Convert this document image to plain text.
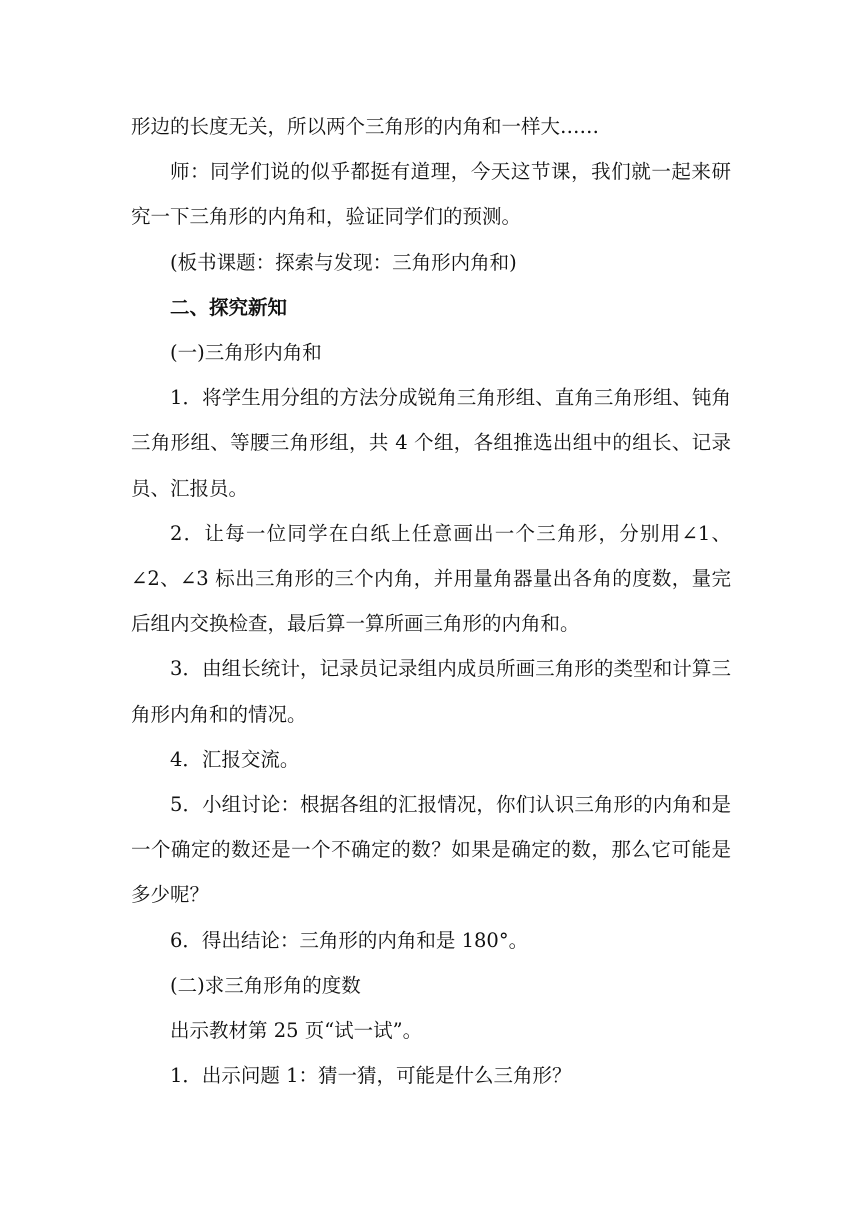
形边的长度无关，所以两个三角形的内角和一样大……

师：同学们说的似乎都挺有道理，今天这节课，我们就一起来研究一下三角形的内角和，验证同学们的预测。

(板书课题：探索与发现：三角形内角和)

二、探究新知

(一)三角形内角和

1．将学生用分组的方法分成锐角三角形组、直角三角形组、钝角三角形组、等腰三角形组，共 4 个组，各组推选出组中的组长、记录员、汇报员。

2．让每一位同学在白纸上任意画出一个三角形，分别用∠1、∠2、∠3 标出三角形的三个内角，并用量角器量出各角的度数，量完后组内交换检查，最后算一算所画三角形的内角和。

3．由组长统计，记录员记录组内成员所画三角形的类型和计算三角形内角和的情况。

4．汇报交流。

5．小组讨论：根据各组的汇报情况，你们认识三角形的内角和是一个确定的数还是一个不确定的数？如果是确定的数，那么它可能是多少呢？

6．得出结论：三角形的内角和是 180°。

(二)求三角形角的度数

出示教材第 25 页“试一试”。

1．出示问题 1：猜一猜，可能是什么三角形？
